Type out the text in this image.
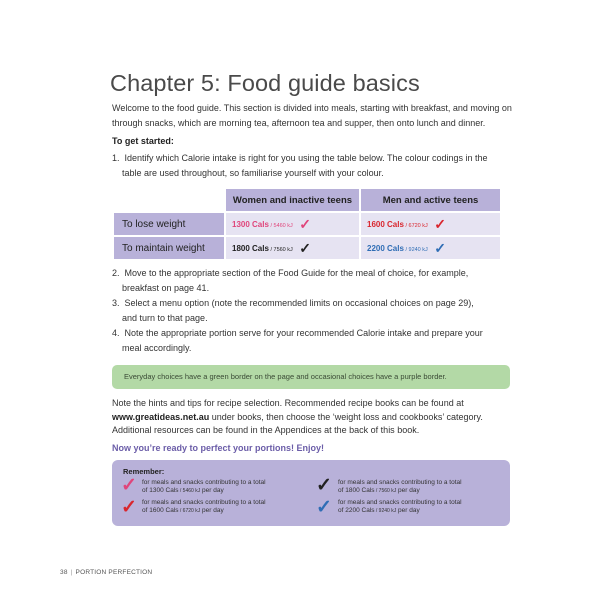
Chapter 5: Food guide basics

Welcome to the food guide. This section is divided into meals, starting with breakfast, and moving on through snacks, which are morning tea, afternoon tea and supper, then onto lunch and dinner.

To get started:

1. Identify which Calorie intake is right for you using the table below. The colour codings in the
table are used throughout, so familiarise yourself with your colour.
	Women and inactive teens	Men and active teens
To lose weight	1300 Cals / 5460 kJ ✓	1600 Cals / 6720 kJ ✓
To maintain weight	1800 Cals / 7560 kJ ✓	2200 Cals / 9240 kJ ✓
2. Move to the appropriate section of the Food Guide for the meal of choice, for example,
breakfast on page 41.
3. Select a menu option (note the recommended limits on occasional choices on page 29),
and turn to that page.
4. Note the appropriate portion serve for your recommended Calorie intake and prepare your
meal accordingly.
Everyday choices have a green border on the page and occasional choices have a purple border.

Note the hints and tips for recipe selection. Recommended recipe books can be found at
www.greatideas.net.au under books, then choose the ‘weight loss and cookbooks’ category.
Additional resources can be found in the Appendices at the back of this book.

Now you’re ready to perfect your portions! Enjoy!

Remember:
✓ for meals and snacks contributing to a total
of 1300 Cals / 5460 kJ per day
✓ for meals and snacks contributing to a total
of 1600 Cals / 6720 kJ per day
✓ for meals and snacks contributing to a total
of 1800 Cals / 7560 kJ per day
✓ for meals and snacks contributing to a total
of 2200 Cals / 9240 kJ per day
38 | PORTION PERFECTION
